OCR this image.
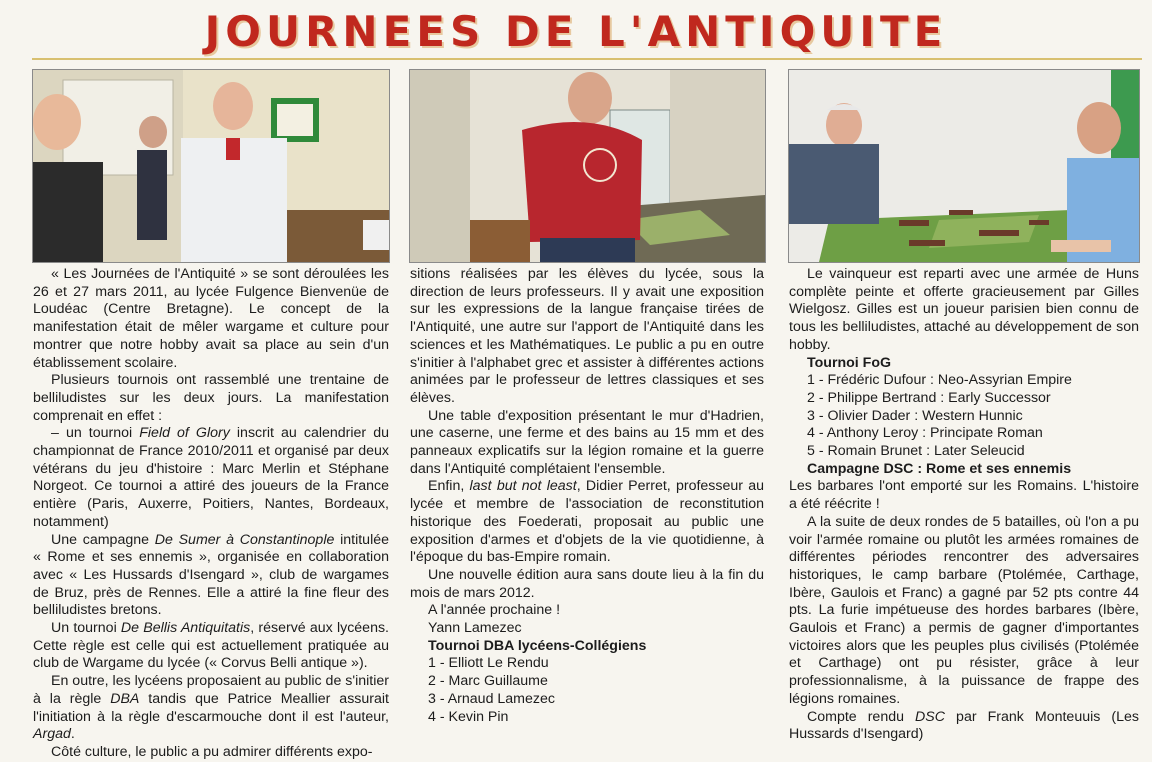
JOURNEES DE L'ANTIQUITE

« Les Journées de l'Antiquité » se sont déroulées les 26 et 27 mars 2011, au lycée Fulgence Bienvenüe de Loudéac (Centre Bretagne). Le concept de la manifestation était de mêler wargame et culture pour montrer que notre hobby avait sa place au sein d'un établissement scolaire.

Plusieurs tournois ont rassemblé une trentaine de belliludistes sur les deux jours. La manifestation comprenait en effet :

– un tournoi Field of Glory inscrit au calendrier du championnat de France 2010/2011 et organisé par deux vétérans du jeu d'histoire : Marc Merlin et Stéphane Norgeot. Ce tournoi a attiré des joueurs de la France entière (Paris, Auxerre, Poitiers, Nantes, Bordeaux, notamment)

Une campagne De Sumer à Constantinople intitulée « Rome et ses ennemis », organisée en collaboration avec « Les Hussards d'Isengard », club de wargames de Bruz, près de Rennes. Elle a attiré la fine fleur des belliludistes bretons.

Un tournoi De Bellis Antiquitatis, réservé aux lycéens. Cette règle est celle qui est actuellement pratiquée au club de Wargame du lycée (« Corvus Belli antique »).

En outre, les lycéens proposaient au public de s'initier à la règle DBA tandis que Patrice Meallier assurait l'initiation à la règle d'escarmouche dont il est l'auteur, Argad.

Côté culture, le public a pu admirer différents expo-

sitions réalisées par les élèves du lycée, sous la direction de leurs professeurs. Il y avait une exposition sur les expressions de la langue française tirées de l'Antiquité, une autre sur l'apport de l'Antiquité dans les sciences et les Mathématiques. Le public a pu en outre s'initier à l'alphabet grec et assister à différentes actions animées par le professeur de lettres classiques et ses élèves.

Une table d'exposition présentant le mur d'Hadrien, une caserne, une ferme et des bains au 15 mm et des panneaux explicatifs sur la légion romaine et la guerre dans l'Antiquité complétaient l'ensemble.

Enfin, last but not least, Didier Perret, professeur au lycée et membre de l'association de reconstitution historique des Foederati, proposait au public une exposition d'armes et d'objets de la vie quotidienne, à l'époque du bas-Empire romain.

Une nouvelle édition aura sans doute lieu à la fin du mois de mars 2012.

A l'année prochaine !

Yann Lamezec

Tournoi DBA lycéens-Collégiens

1 - Elliott Le Rendu

2 - Marc Guillaume

3 - Arnaud Lamezec

4 - Kevin Pin

Le vainqueur est reparti avec une armée de Huns complète peinte et offerte gracieusement par Gilles Wielgosz. Gilles est un joueur parisien bien connu de tous les belliludistes, attaché au développement de son hobby.

Tournoi FoG

1 - Frédéric Dufour : Neo-Assyrian Empire

2 - Philippe Bertrand : Early Successor

3 - Olivier Dader : Western Hunnic

4 - Anthony Leroy : Principate Roman

5 - Romain Brunet : Later Seleucid

Campagne DSC : Rome et ses ennemis

Les barbares l'ont emporté sur les Romains. L'histoire a été réécrite !

A la suite de deux rondes de 5 batailles, où l'on a pu voir l'armée romaine ou plutôt les armées romaines de différentes périodes rencontrer des adversaires historiques, le camp barbare (Ptolémée, Carthage, Ibère, Gaulois et Franc) a gagné par 52 pts contre 44 pts. La furie impétueuse des hordes barbares (Ibère, Gaulois et Franc) a permis de gagner d'importantes victoires alors que les peuples plus civilisés (Ptolémée et Carthage) ont pu résister, grâce à leur professionnalisme, à la puissance de frappe des légions romaines.

Compte rendu DSC par Frank Monteuuis (Les Hussards d'Isengard)
